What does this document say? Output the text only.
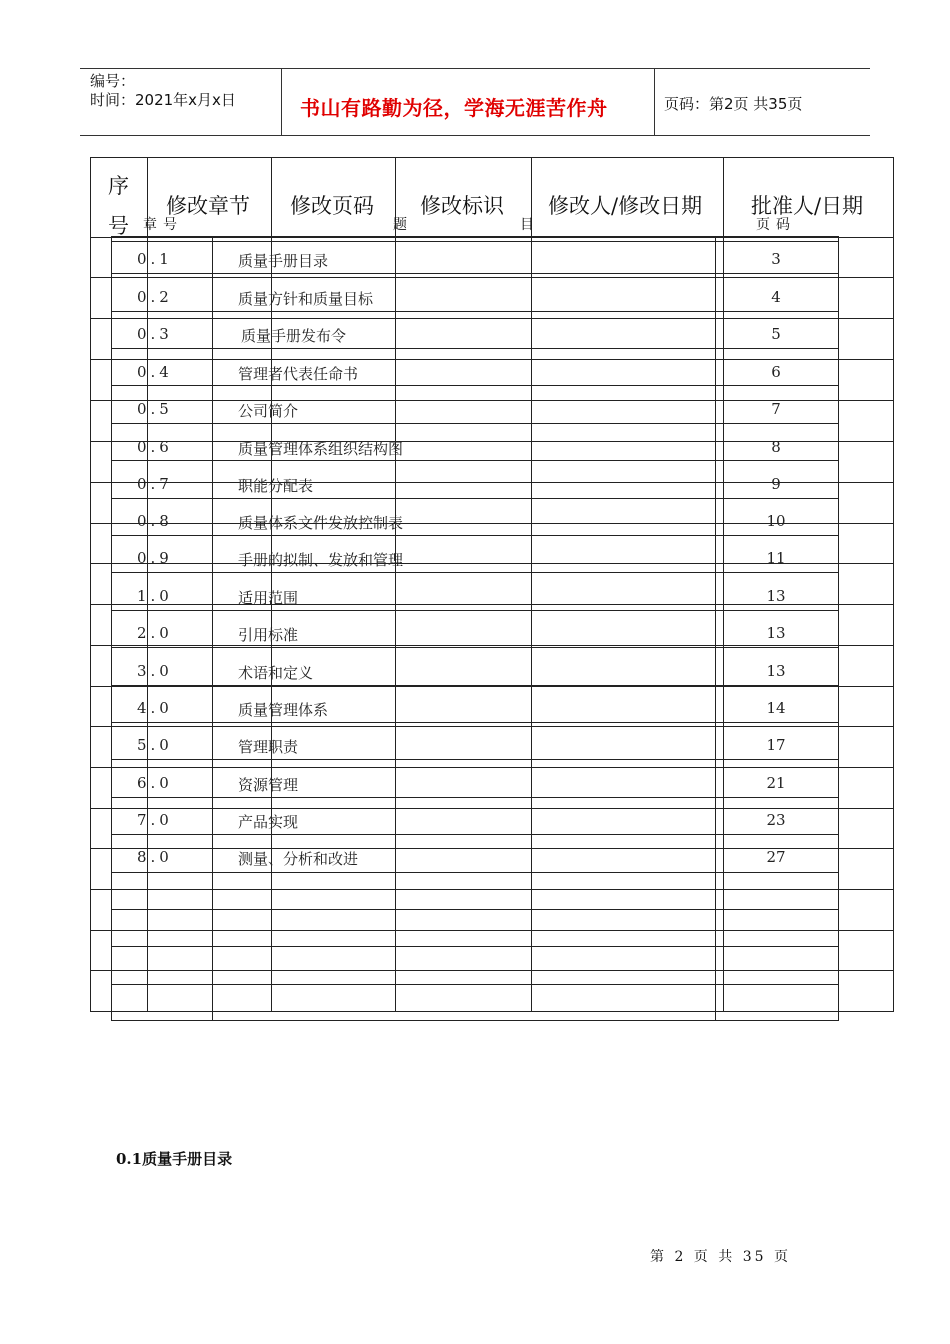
编号：
时间：2021年x月x日	书山有路勤为径，学海无涯苦作舟	页码：第2页 共35页
序
号
修改章节 修改页码 修改标识 修改人/修改日期 批准人/日期
章号	题	目	页码
0.1	质量手册目录	3
0.2	质量方针和质量目标	4
0.3	质量手册发布令	5
0.4	管理者代表任命书	6
0.5	公司简介	7
0.6	质量管理体系组织结构图	8
0.7	职能分配表	9
0.8	质量体系文件发放控制表	10
0.9	手册的拟制、发放和管理	11
1.0	适用范围	13
2.0	引用标准	13
3.0	术语和定义	13
4.0	质量管理体系	14
5.0	管理职责	17
6.0	资源管理	21
7.0	产品实现	23
8.0	测量、分析和改进	27
0.1质量手册目录
第 2 页 共 35 页
